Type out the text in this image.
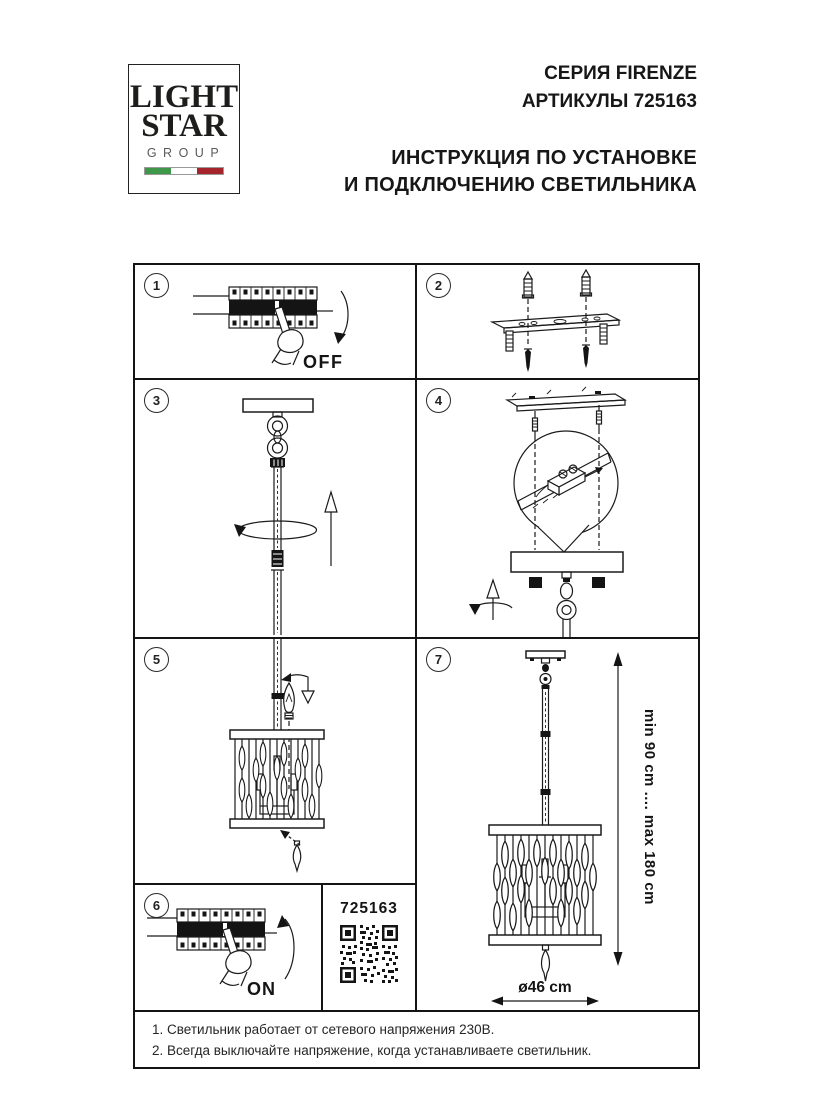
LIGHT
STAR
GROUP
СЕРИЯ FIRENZE
АРТИКУЛЫ 725163
ИНСТРУКЦИЯ ПО УСТАНОВКЕ
И ПОДКЛЮЧЕНИЮ СВЕТИЛЬНИКА
1
OFF
3
5
6
ON
725163
2
4
7
min 90 cm .... max 180 cm
ø46 cm
1. Светильник работает от сетевого напряжения 230В.
2. Всегда выключайте напряжение, когда устанавливаете светильник.
